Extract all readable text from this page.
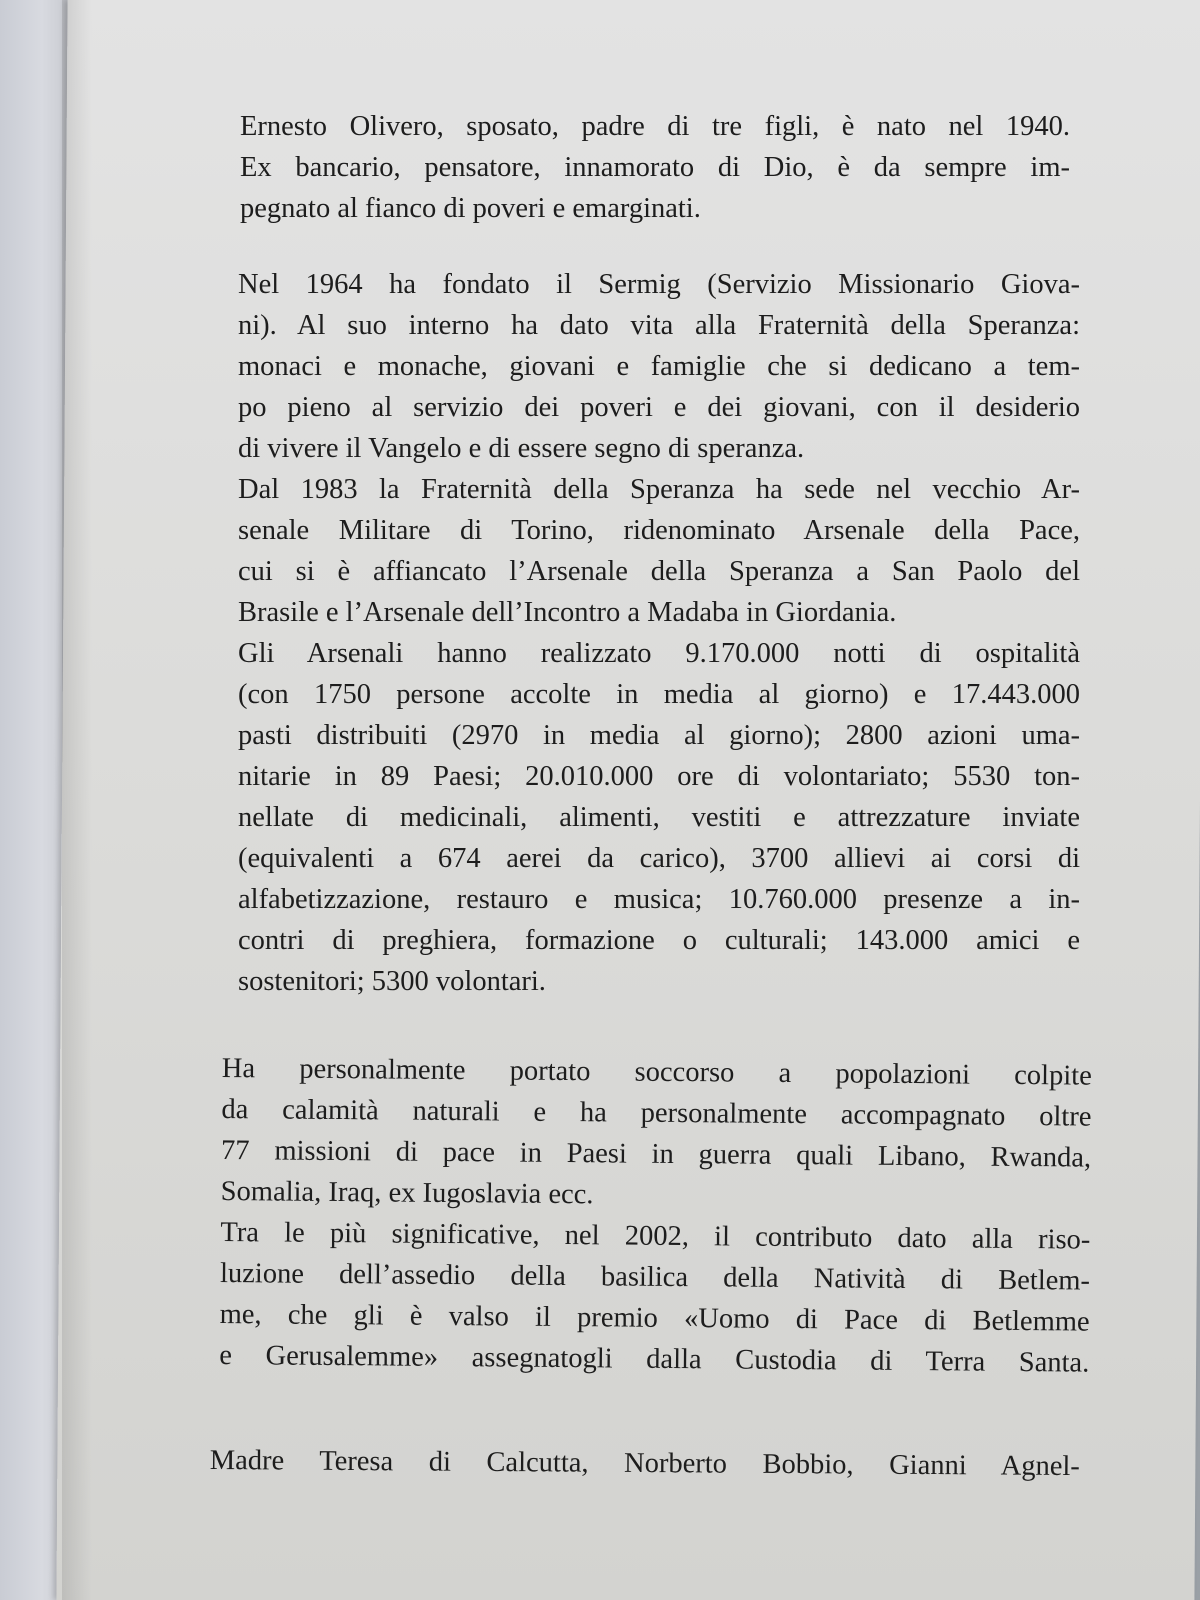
Ernesto Olivero, sposato, padre di tre figli, è nato nel 1940.
Ex bancario, pensatore, innamorato di Dio, è da sempre im-
pegnato al fianco di poveri e emarginati.
Nel 1964 ha fondato il Sermig (Servizio Missionario Giova-
ni). Al suo interno ha dato vita alla Fraternità della Speranza:
monaci e monache, giovani e famiglie che si dedicano a tem-
po pieno al servizio dei poveri e dei giovani, con il desiderio
di vivere il Vangelo e di essere segno di speranza.
Dal 1983 la Fraternità della Speranza ha sede nel vecchio Ar-
senale Militare di Torino, ridenominato Arsenale della Pace,
cui si è affiancato l’Arsenale della Speranza a San Paolo del
Brasile e l’Arsenale dell’Incontro a Madaba in Giordania.
Gli Arsenali hanno realizzato 9.170.000 notti di ospitalità
(con 1750 persone accolte in media al giorno) e 17.443.000
pasti distribuiti (2970 in media al giorno); 2800 azioni uma-
nitarie in 89 Paesi; 20.010.000 ore di volontariato; 5530 ton-
nellate di medicinali, alimenti, vestiti e attrezzature inviate
(equivalenti a 674 aerei da carico), 3700 allievi ai corsi di
alfabetizzazione, restauro e musica; 10.760.000 presenze a in-
contri di preghiera, formazione o culturali; 143.000 amici e
sostenitori; 5300 volontari.
Ha personalmente portato soccorso a popolazioni colpite
da calamità naturali e ha personalmente accompagnato oltre
77 missioni di pace in Paesi in guerra quali Libano, Rwanda,
Somalia, Iraq, ex Iugoslavia ecc.
Tra le più significative, nel 2002, il contributo dato alla riso-
luzione dell’assedio della basilica della Natività di Betlem-
me, che gli è valso il premio «Uomo di Pace di Betlemme
e Gerusalemme» assegnatogli dalla Custodia di Terra Santa.
Madre Teresa di Calcutta, Norberto Bobbio, Gianni Agnel-
